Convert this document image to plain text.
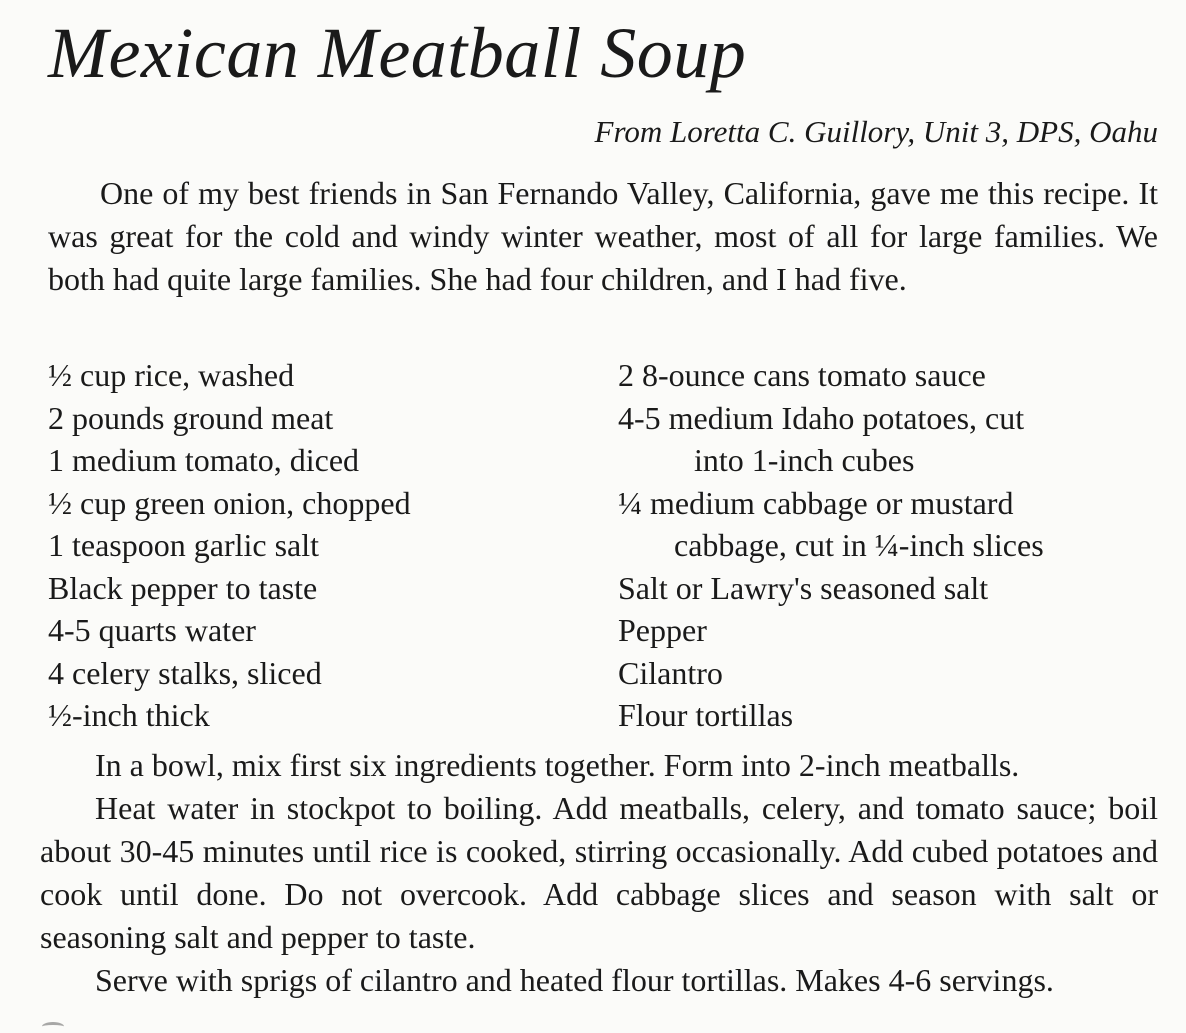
Mexican Meatball Soup
From Loretta C. Guillory, Unit 3, DPS, Oahu
One of my best friends in San Fernando Valley, California, gave me this recipe. It was great for the cold and windy winter weather, most of all for large families. We both had quite large families. She had four children, and I had five.
½ cup rice, washed
2 pounds ground meat
1 medium tomato, diced
½ cup green onion, chopped
1 teaspoon garlic salt
Black pepper to taste
4-5 quarts water
4 celery stalks, sliced
½-inch thick
2 8-ounce cans tomato sauce
4-5 medium Idaho potatoes, cut
into 1-inch cubes
¼ medium cabbage or mustard
cabbage, cut in ¼-inch slices
Salt or Lawry's seasoned salt
Pepper
Cilantro
Flour tortillas

In a bowl, mix first six ingredients together. Form into 2-inch meatballs.

Heat water in stockpot to boiling. Add meatballs, celery, and tomato sauce; boil about 30-45 minutes until rice is cooked, stirring occasionally. Add cubed potatoes and cook until done. Do not overcook. Add cabbage slices and season with salt or seasoning salt and pepper to taste.

Serve with sprigs of cilantro and heated flour tortillas. Makes 4-6 servings.
